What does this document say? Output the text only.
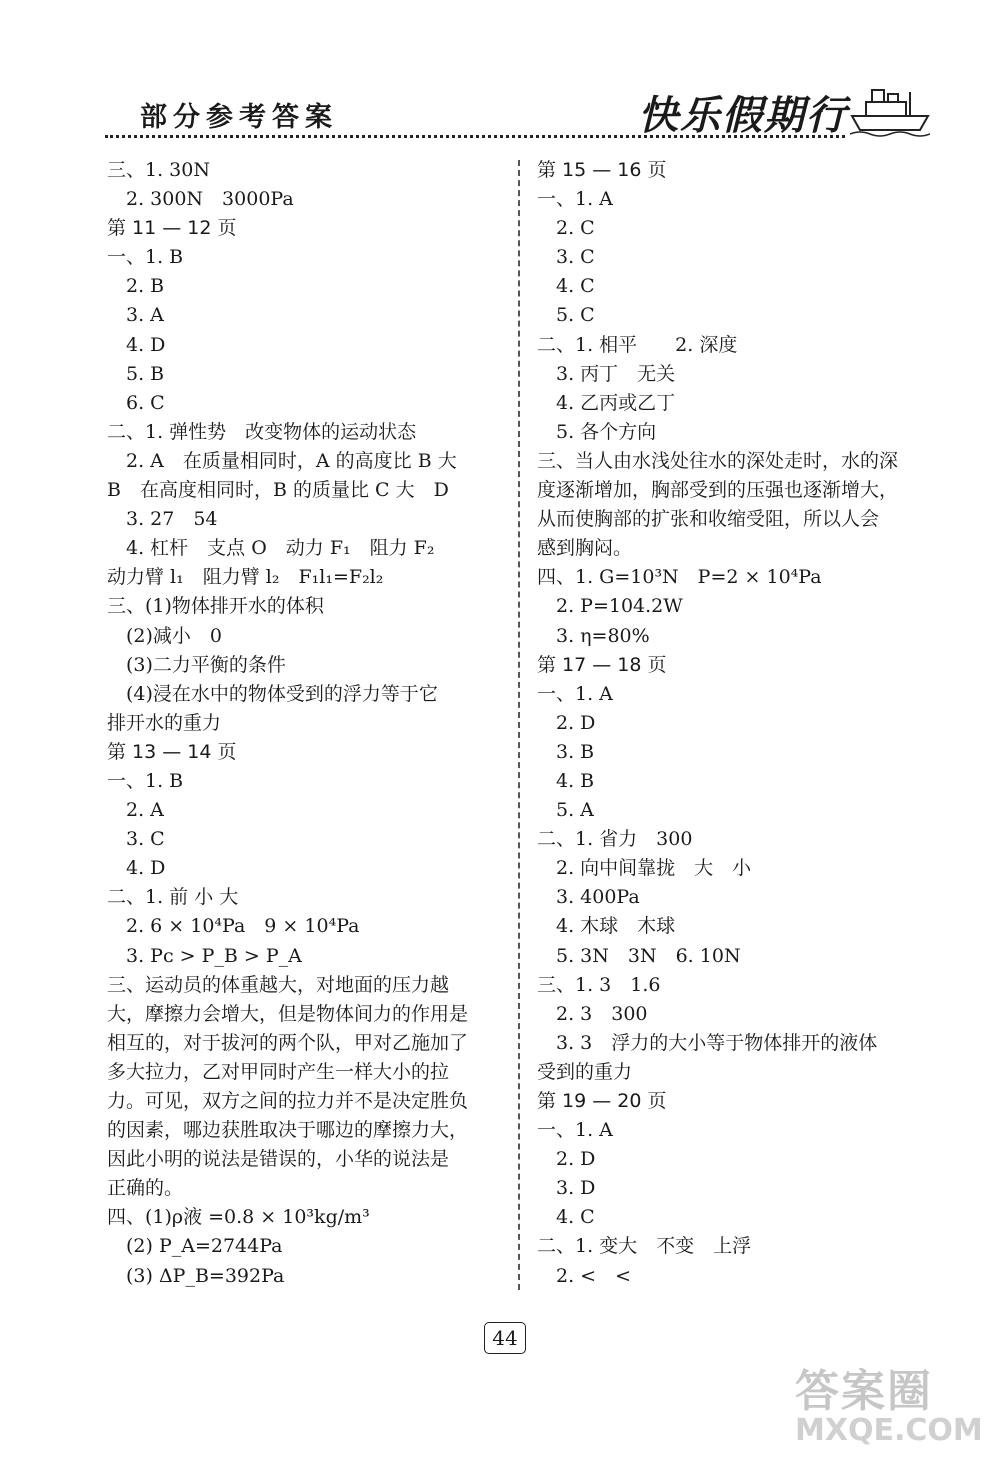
部分参考答案	快乐假期行
三、1. 30N
　2. 300N　3000Pa
第 11 — 12 页
一、1. B
　2. B
　3. A
　4. D
　5. B
　6. C
二、1. 弹性势　改变物体的运动状态
　2. A　在质量相同时，A 的高度比 B 大
B　在高度相同时，B 的质量比 C 大　D
　3. 27　54
　4. 杠杆　支点 O　动力 F₁　阻力 F₂
动力臂 l₁　阻力臂 l₂　F₁l₁=F₂l₂
三、(1)物体排开水的体积
　(2)减小　0
　(3)二力平衡的条件
　(4)浸在水中的物体受到的浮力等于它
排开水的重力
第 13 — 14 页
一、1. B
　2. A
　3. C
　4. D
二、1. 前 小 大
　2. 6 × 10⁴Pa　9 × 10⁴Pa
　3. Pᴄ > P_B > P_A
三、运动员的体重越大，对地面的压力越
大，摩擦力会增大，但是物体间力的作用是
相互的，对于拔河的两个队，甲对乙施加了
多大拉力，乙对甲同时产生一样大小的拉
力。可见，双方之间的拉力并不是决定胜负
的因素，哪边获胜取决于哪边的摩擦力大，
因此小明的说法是错误的，小华的说法是
正确的。
四、(1)ρ液 =0.8 × 10³kg/m³
　(2) P_A=2744Pa
　(3) ΔP_B=392Pa
第 15 — 16 页
一、1. A
　2. C
　3. C
　4. C
　5. C
二、1. 相平　　2. 深度
　3. 丙丁　无关
　4. 乙丙或乙丁
　5. 各个方向
三、当人由水浅处往水的深处走时，水的深
度逐渐增加，胸部受到的压强也逐渐增大，
从而使胸部的扩张和收缩受阻，所以人会
感到胸闷。
四、1. G=10³N　P=2 × 10⁴Pa
　2. P=104.2W
　3. η=80%
第 17 — 18 页
一、1. A
　2. D
　3. B
　4. B
　5. A
二、1. 省力　300
　2. 向中间靠拢　大　小
　3. 400Pa
　4. 木球　木球
　5. 3N　3N　6. 10N
三、1. 3　1.6
　2. 3　300
　3. 3　浮力的大小等于物体排开的液体
受到的重力
第 19 — 20 页
一、1. A
　2. D
　3. D
　4. C
二、1. 变大　不变　上浮
　2. <　<
44
答案圈
MXQE.COM
